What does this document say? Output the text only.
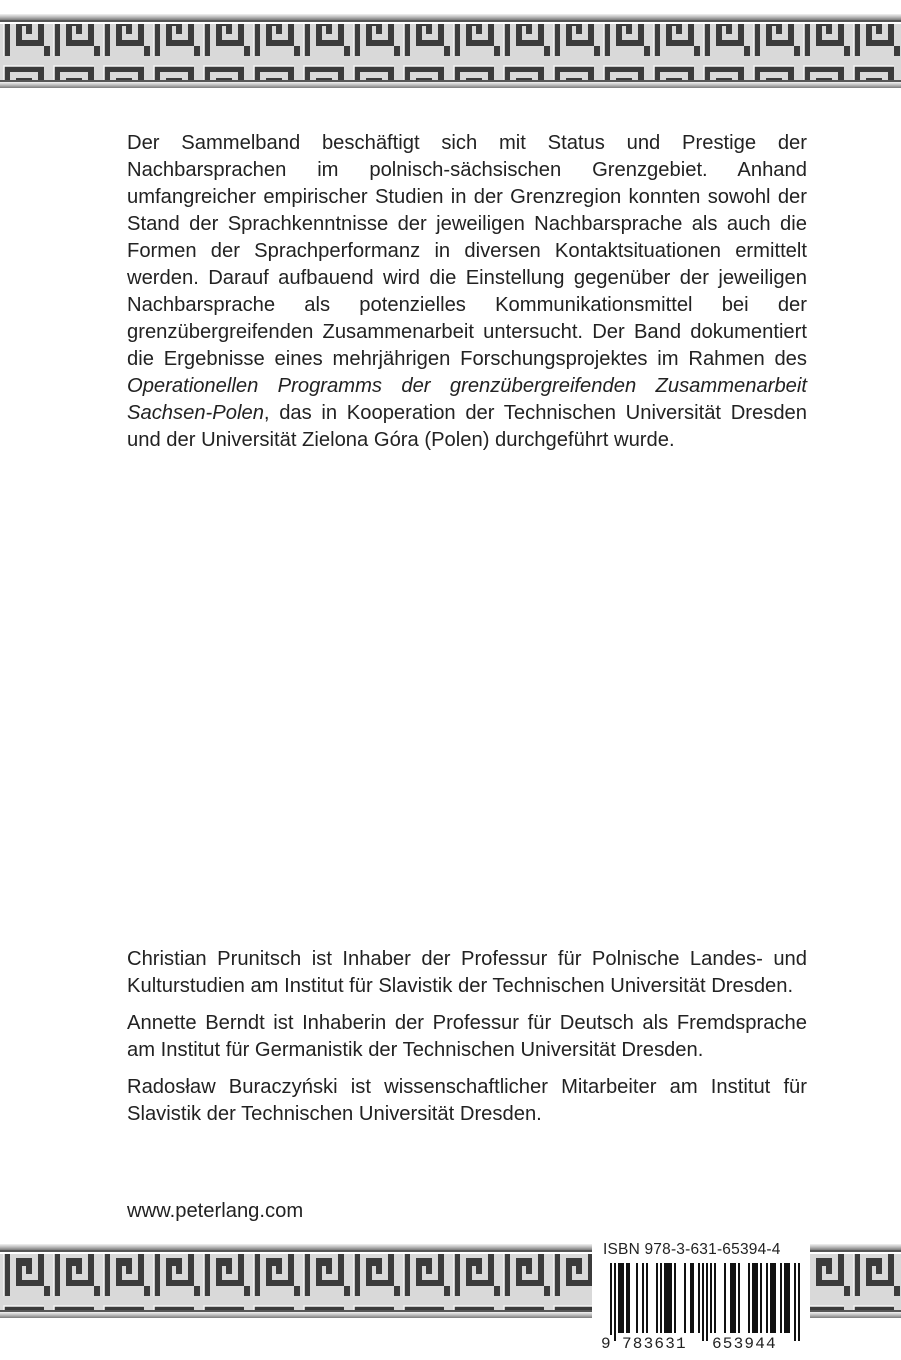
Der Sammelband beschäftigt sich mit Status und Prestige der Nachbarsprachen im polnisch-sächsischen Grenzgebiet. Anhand umfangreicher empirischer Studien in der Grenzregion konnten sowohl der Stand der Sprachkenntnisse der jeweiligen Nachbarsprache als auch die Formen der Sprachperformanz in diversen Kontaktsituationen ermittelt werden. Darauf aufbauend wird die Einstellung gegenüber der jeweiligen Nachbarsprache als potenzielles Kommunikationsmittel bei der grenzübergreifenden Zusammenarbeit untersucht. Der Band dokumentiert die Ergebnisse eines mehrjährigen Forschungsprojektes im Rahmen des Operationellen Programms der grenzübergreifenden Zusammenarbeit Sachsen-Polen, das in Kooperation der Technischen Universität Dresden und der Universität Zielona Góra (Polen) durchgeführt wurde.

Christian Prunitsch ist Inhaber der Professur für Polnische Landes- und Kulturstudien am Institut für Slavistik der Technischen Universität Dresden.

Annette Berndt ist Inhaberin der Professur für Deutsch als Fremdsprache am Institut für Germanistik der Technischen Universität Dresden.

Radosław Buraczyński ist wissenschaftlicher Mitarbeiter am Institut für Slavistik der Technischen Universität Dresden.

www.peterlang.com
ISBN 978-3-631-65394-4
9 783631 653944
